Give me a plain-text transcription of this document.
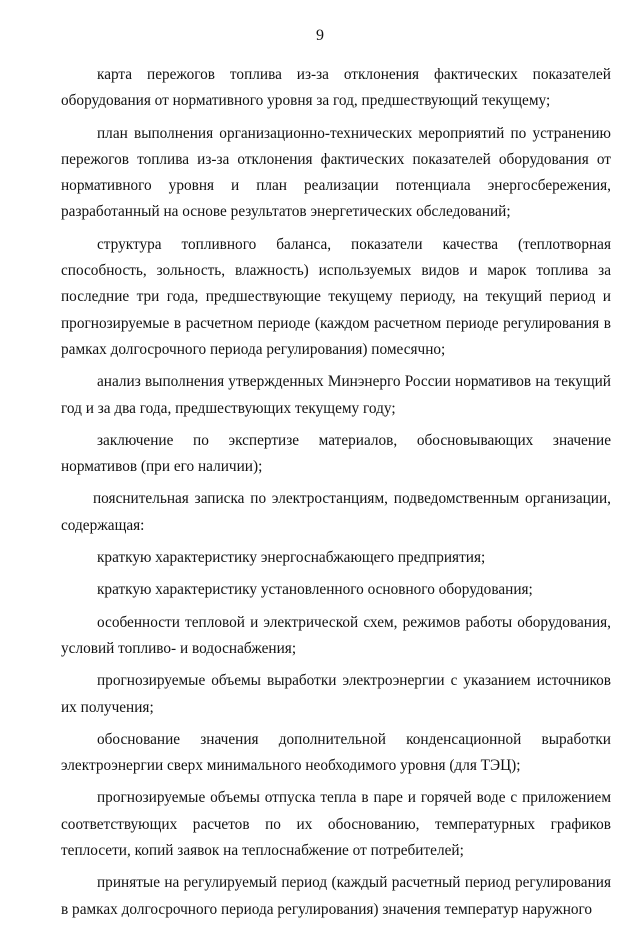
9

карта пережогов топлива из-за отклонения фактических показателей оборудования от нормативного уровня за год, предшествующий текущему;

план выполнения организационно-технических мероприятий по устранению пережогов топлива из-за отклонения фактических показателей оборудования от нормативного уровня и план реализации потенциала энергосбережения, разработанный на основе результатов энергетических обследований;

структура топливного баланса, показатели качества (теплотворная способность, зольность, влажность) используемых видов и марок топлива за последние три года, предшествующие текущему периоду, на текущий период и прогнозируемые в расчетном периоде (каждом расчетном периоде регулирования в рамках долгосрочного периода регулирования) помесячно;

анализ выполнения утвержденных Минэнерго России нормативов на текущий год и за два года, предшествующих текущему году;

заключение по экспертизе материалов, обосновывающих значение нормативов (при его наличии);

пояснительная записка по электростанциям, подведомственным организации, содержащая:

краткую характеристику энергоснабжающего предприятия;

краткую характеристику установленного основного оборудования;

особенности тепловой и электрической схем, режимов работы оборудования, условий топливо- и водоснабжения;

прогнозируемые объемы выработки электроэнергии с указанием источников их получения;

обоснование значения дополнительной конденсационной выработки электроэнергии сверх минимального необходимого уровня (для ТЭЦ);

прогнозируемые объемы отпуска тепла в паре и горячей воде с приложением соответствующих расчетов по их обоснованию, температурных графиков теплосети, копий заявок на теплоснабжение от потребителей;

принятые на регулируемый период (каждый расчетный период регулирования в рамках долгосрочного периода регулирования) значения температур наружного
